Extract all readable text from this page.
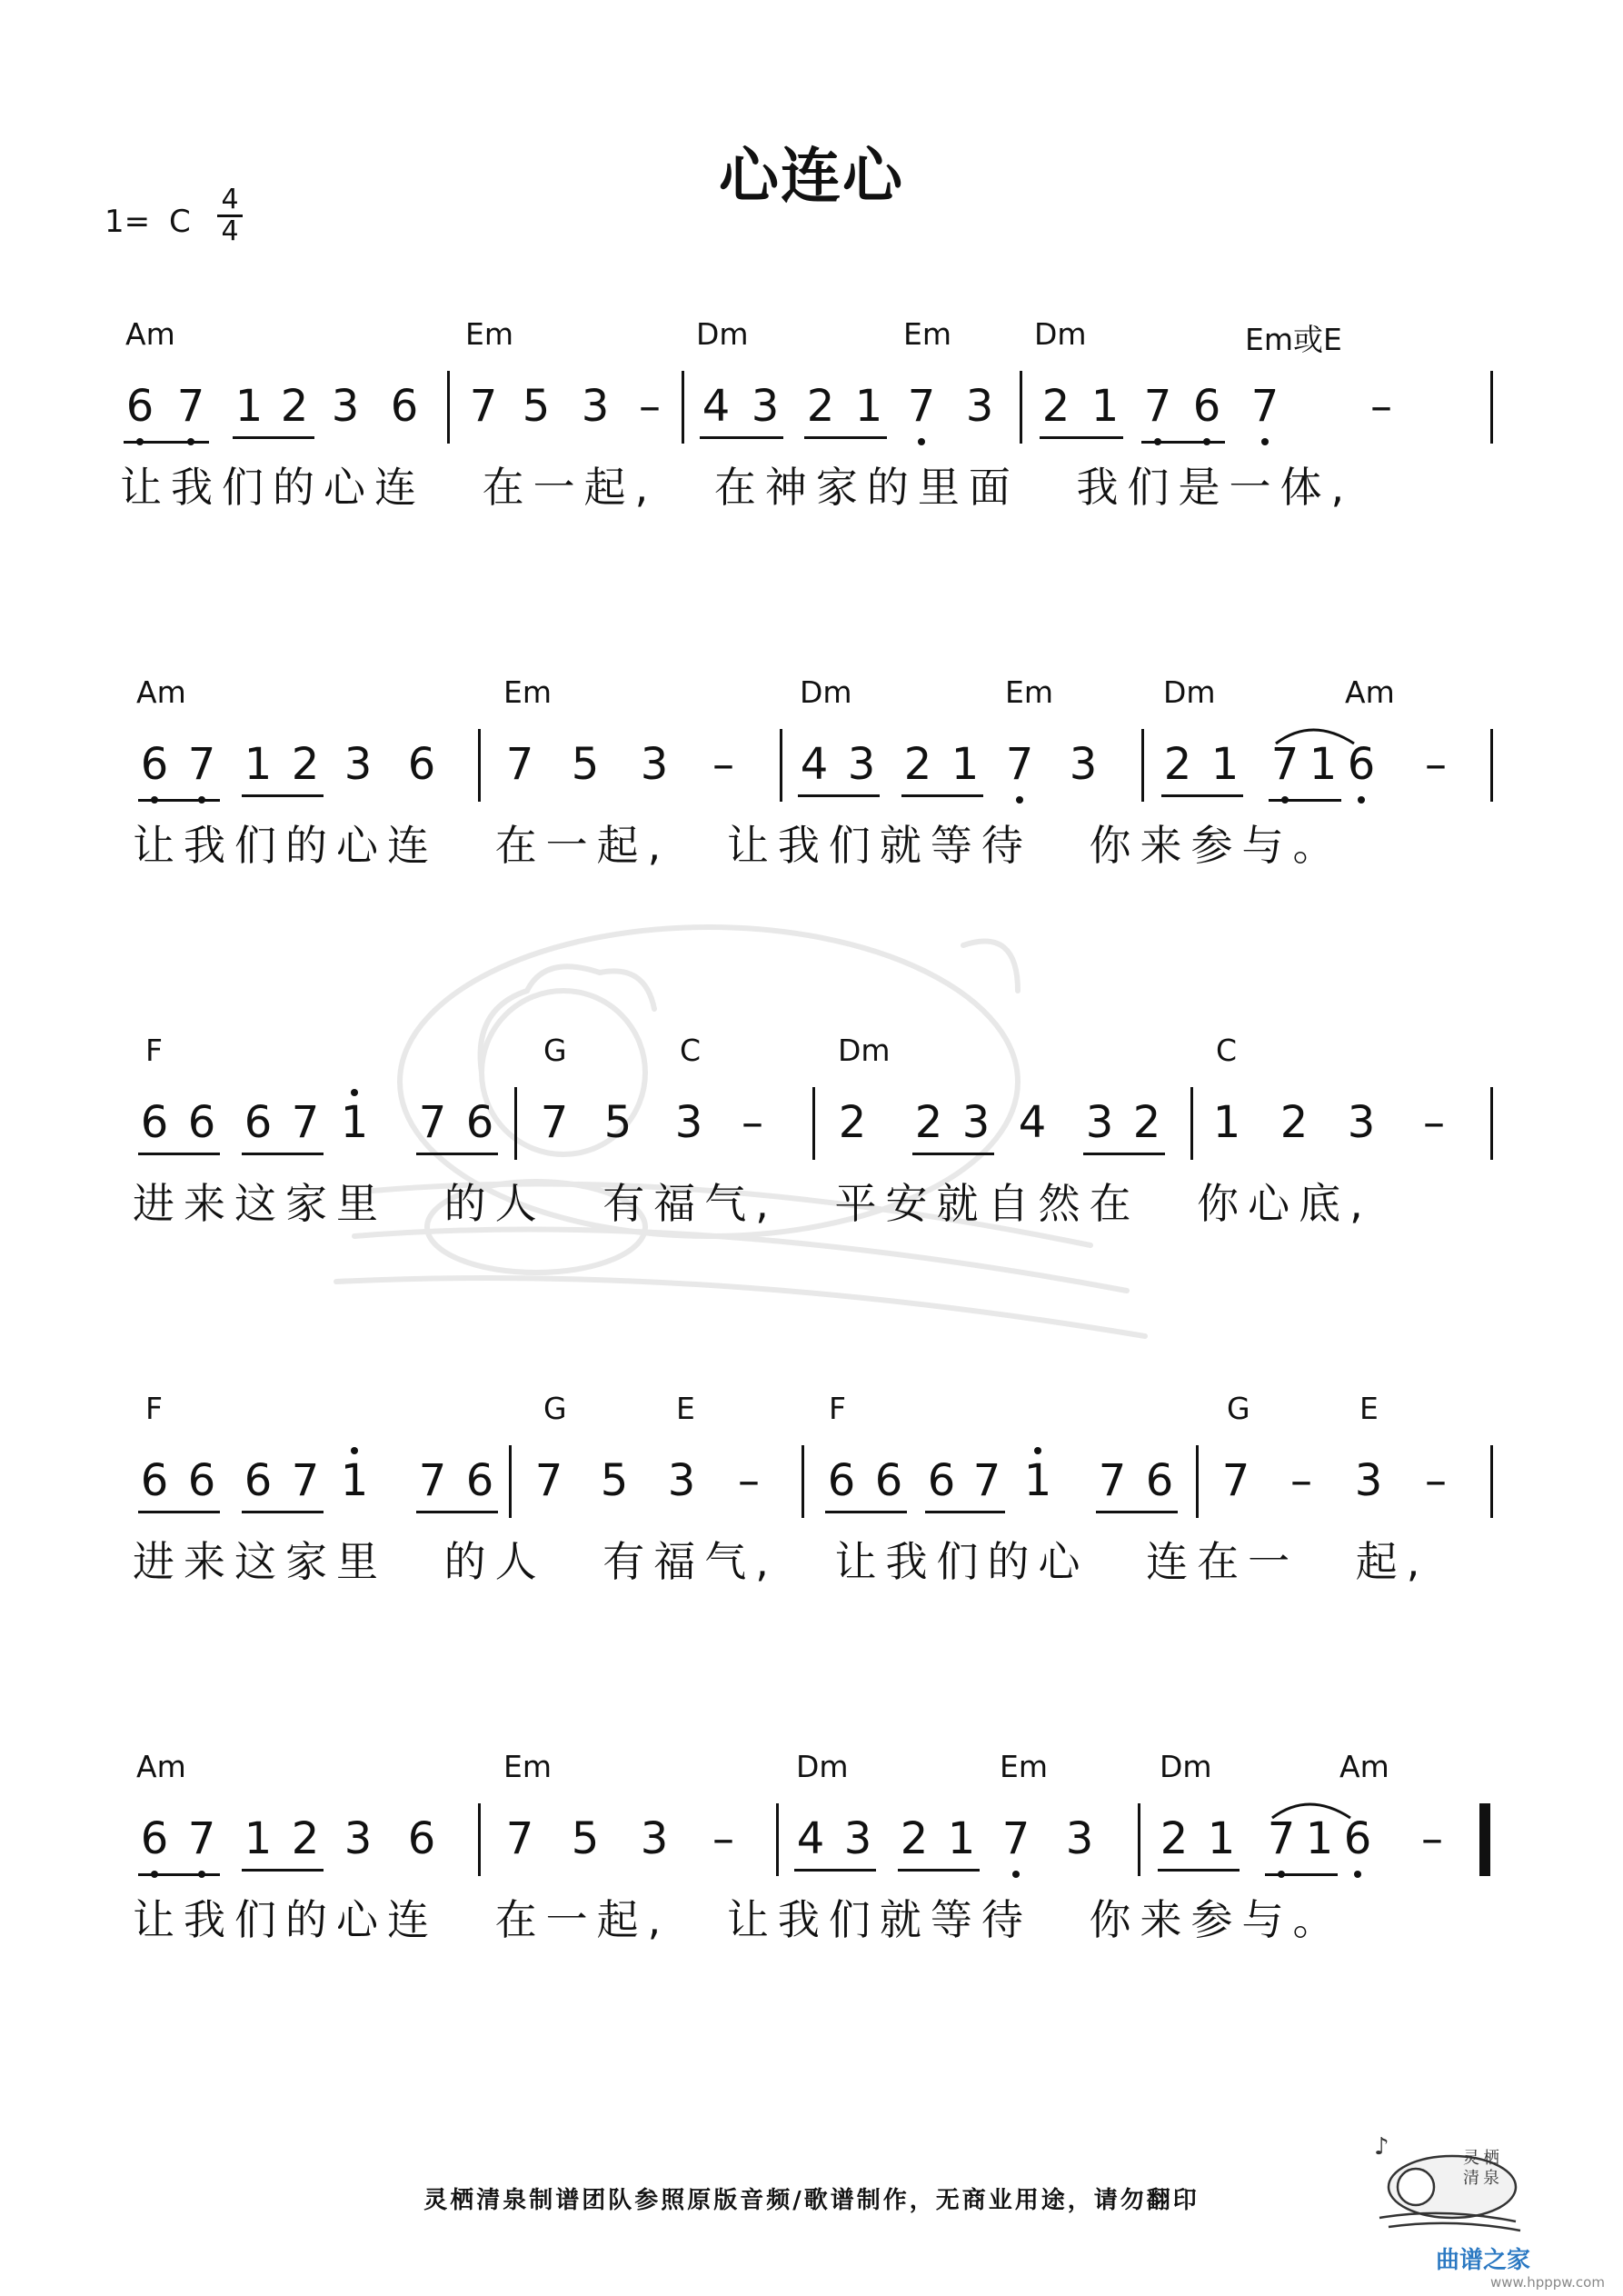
心连心
1= C
4
4
Am	Em	Dm	Em	Dm	Em或E
6 7 1 2 3 6 7 5 3 – 4 3 2 1 7 3 2 1 7 6 7 –
让我们的心连 在一起, 在神家的里面 我们是一体,
Am	Em	Dm	Em	Dm	Am
6 7 1 2 3 6 7 5 3 – 4 3 2 1 7 3 2 1 7 1 6 –
让我们的心连 在一起, 让我们就等待 你来参与。
F	G	C	Dm	C
6 6 6 7 1 7 6 7 5 3 – 2 2 3 4 3 2 1 2 3 –
进来这家里 的人 有福气, 平安就自然在 你心底,
F	G	E	F	G	E
6 6 6 7 1 7 6 7 5 3 – 6 6 6 7 1 7 6 7 – 3 –
进来这家里 的人 有福气, 让我们的心 连在一 起,
Am	Em	Dm	Em	Dm	Am
6 7 1 2 3 6 7 5 3 – 4 3 2 1 7 3 2 1 7 1 6 –
让我们的心连 在一起, 让我们就等待 你来参与。
灵栖清泉制谱团队参照原版音频/歌谱制作，无商业用途，请勿翻印
♪	灵 栖清 泉
曲谱之家
www.hpppw.com
